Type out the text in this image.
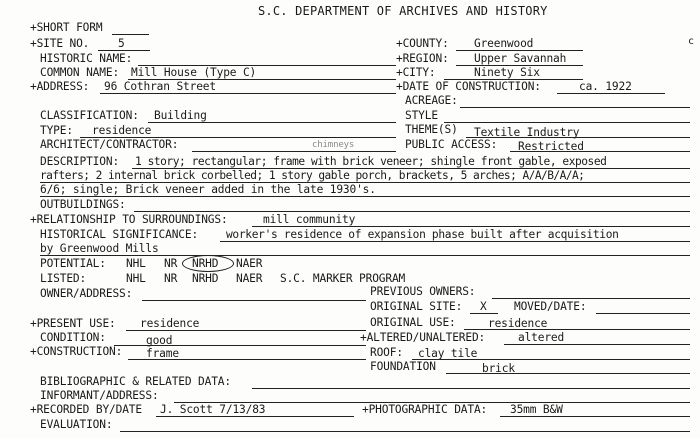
S.C. DEPARTMENT OF ARCHIVES AND HISTORY
c
+SHORT FORM
+SITE NO.	5	+COUNTY: Greenwood
HISTORIC NAME:	+REGION: Upper Savannah
COMMON NAME: Mill House (Type C)	+CITY:	Ninety Six
+ADDRESS: 96 Cothran Street	+DATE OF CONSTRUCTION:	ca. 1922
ACREAGE:
CLASSIFICATION: Building	STYLE
TYPE: residence	THEME(S) Textile Industry
ARCHITECT/CONTRACTOR:	chimneys	PUBLIC ACCESS: Restricted
DESCRIPTION: 1 story; rectangular; frame with brick veneer; shingle front gable, exposed
rafters; 2 internal brick corbelled; 1 story gable porch, brackets, 5 arches; A/A/B/A/A;
6/6; single; Brick veneer added in the late 1930's.
OUTBUILDINGS:
+RELATIONSHIP TO SURROUNDINGS:	mill community
HISTORICAL SIGNIFICANCE: worker's residence of expansion phase built after acquisition
by Greenwood Mills
POTENTIAL: NHL NR NRHD NAER
LISTED:	NHL NR NRHD NAER S.C. MARKER PROGRAM
OWNER/ADDRESS:	PREVIOUS OWNERS:
ORIGINAL SITE: X MOVED/DATE:
+PRESENT USE: residence	ORIGINAL USE:	residence
CONDITION:	good	+ALTERED/UNALTERED:	altered
+CONSTRUCTION: frame	ROOF: clay tile
FOUNDATION	brick
BIBLIOGRAPHIC & RELATED DATA:
INFORMANT/ADDRESS:
+RECORDED BY/DATE J. Scott 7/13/83	+PHOTOGRAPHIC DATA: 35mm B&W
EVALUATION:
